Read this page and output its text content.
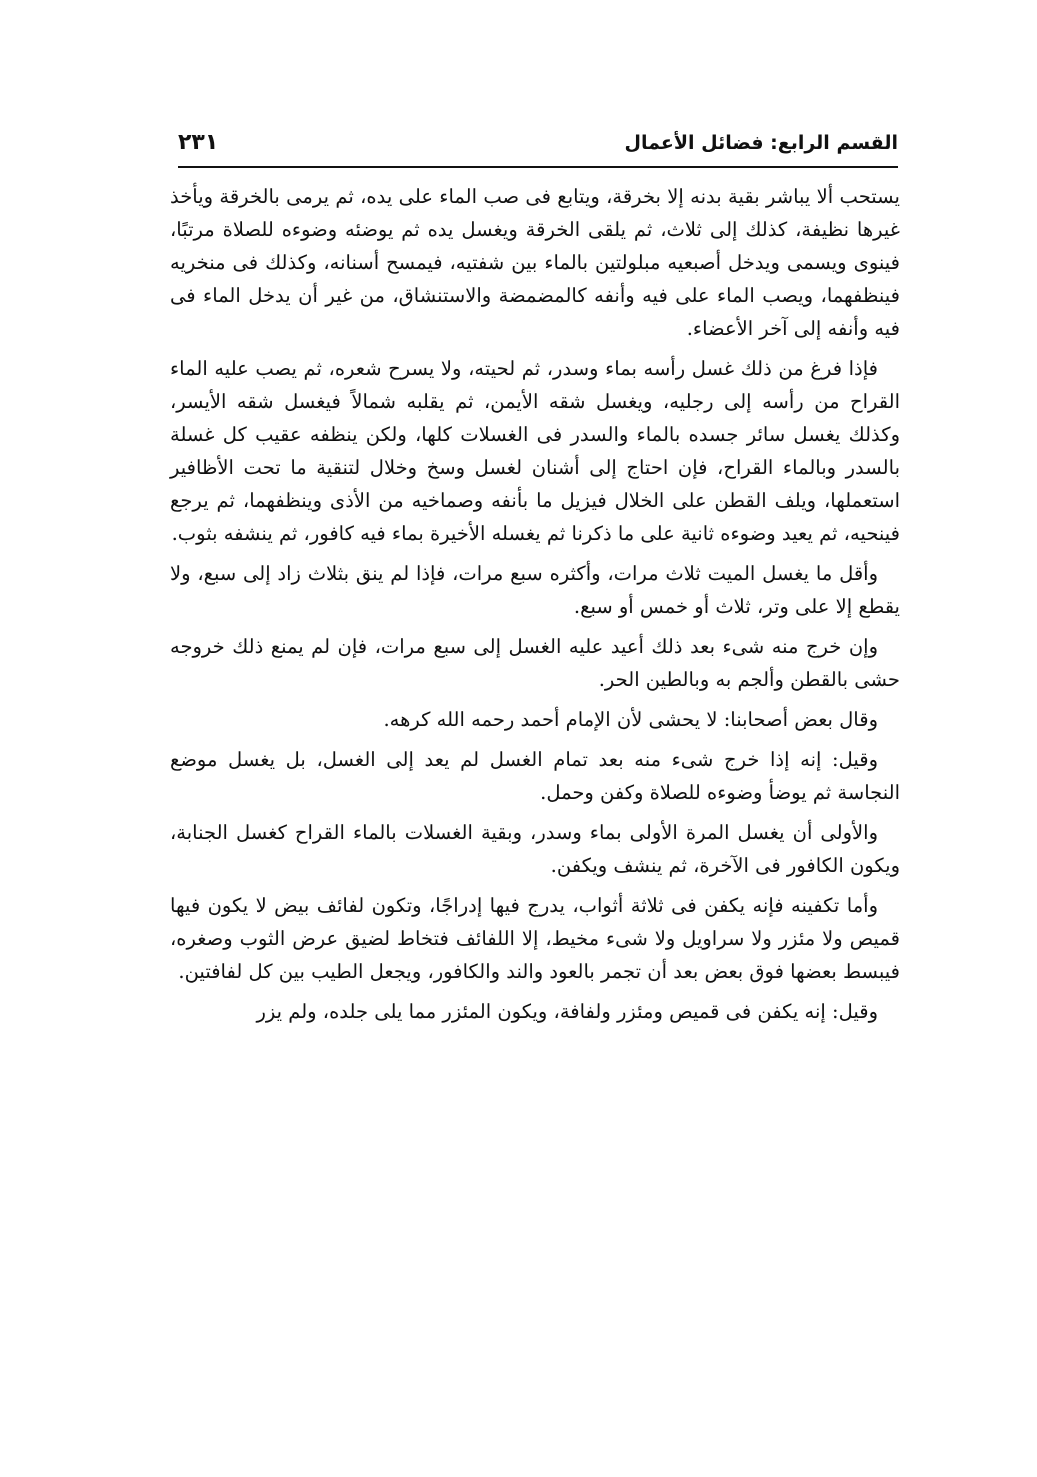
القسم الرابع: فضائل الأعمال
٢٣١

يستحب ألا يباشر بقية بدنه إلا بخرقة، ويتابع فى صب الماء على يده، ثم يرمى بالخرقة ويأخذ غيرها نظيفة، كذلك إلى ثلاث، ثم يلقى الخرقة ويغسل يده ثم يوضئه وضوءه للصلاة مرتبًا، فينوى ويسمى ويدخل أصبعيه مبلولتين بالماء بين شفتيه، فيمسح أسنانه، وكذلك فى منخريه فينظفهما، ويصب الماء على فيه وأنفه كالمضمضة والاستنشاق، من غير أن يدخل الماء فى فيه وأنفه إلى آخر الأعضاء.

فإذا فرغ من ذلك غسل رأسه بماء وسدر، ثم لحيته، ولا يسرح شعره، ثم يصب عليه الماء القراح من رأسه إلى رجليه، ويغسل شقه الأيمن، ثم يقلبه شمالاً فيغسل شقه الأيسر، وكذلك يغسل سائر جسده بالماء والسدر فى الغسلات كلها، ولكن ينظفه عقيب كل غسلة بالسدر وبالماء القراح، فإن احتاج إلى أشنان لغسل وسخ وخلال لتنقية ما تحت الأظافير استعملها، ويلف القطن على الخلال فيزيل ما بأنفه وصماخيه من الأذى وينظفهما، ثم يرجع فينحيه، ثم يعيد وضوءه ثانية على ما ذكرنا ثم يغسله الأخيرة بماء فيه كافور، ثم ينشفه بثوب.

وأقل ما يغسل الميت ثلاث مرات، وأكثره سبع مرات، فإذا لم ينق بثلاث زاد إلى سبع، ولا يقطع إلا على وتر، ثلاث أو خمس أو سبع.

وإن خرج منه شىء بعد ذلك أعيد عليه الغسل إلى سبع مرات، فإن لم يمنع ذلك خروجه حشى بالقطن وألجم به وبالطين الحر.

وقال بعض أصحابنا: لا يحشى لأن الإمام أحمد رحمه الله كرهه.

وقيل: إنه إذا خرج شىء منه بعد تمام الغسل لم يعد إلى الغسل، بل يغسل موضع النجاسة ثم يوضأ وضوءه للصلاة وكفن وحمل.

والأولى أن يغسل المرة الأولى بماء وسدر، وبقية الغسلات بالماء القراح كغسل الجنابة، ويكون الكافور فى الآخرة، ثم ينشف ويكفن.

وأما تكفينه فإنه يكفن فى ثلاثة أثواب، يدرج فيها إدراجًا، وتكون لفائف بيض لا يكون فيها قميص ولا مئزر ولا سراويل ولا شىء مخيط، إلا اللفائف فتخاط لضيق عرض الثوب وصغره، فيبسط بعضها فوق بعض بعد أن تجمر بالعود والند والكافور، ويجعل الطيب بين كل لفافتين.

وقيل: إنه يكفن فى قميص ومئزر ولفافة، ويكون المئزر مما يلى جلده، ولم يزر
